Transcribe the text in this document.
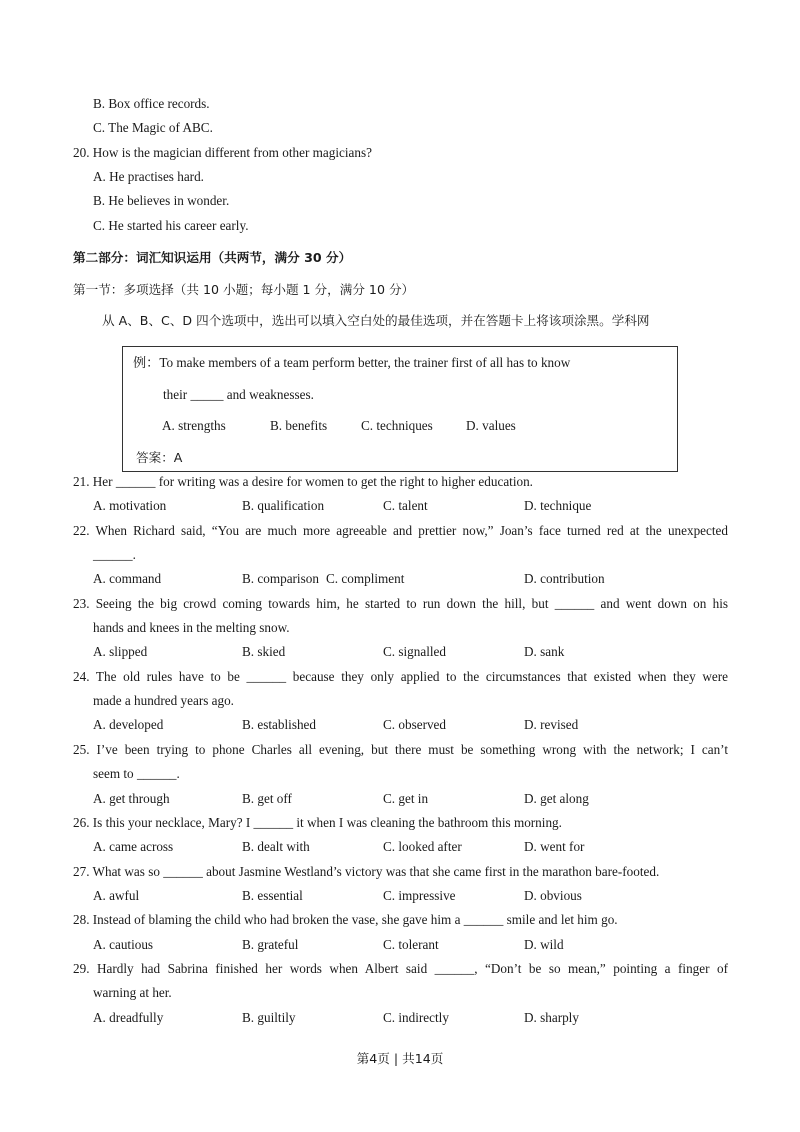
B. Box office records.
C. The Magic of ABC.
20. How is the magician different from other magicians?
A. He practises hard.
B. He believes in wonder.
C. He started his career early.
第二部分：词汇知识运用（共两节，满分 30 分）
第一节：多项选择（共 10 小题；每小题 1 分，满分 10 分）
从 A、B、C、D 四个选项中，选出可以填入空白处的最佳选项，并在答题卡上将该项涂黑。学科网
例：To make members of a team perform better, the trainer first of all has to know
their _____ and weaknesses.
A. strengths	B. benefits	C. techniques	D. values
答案：A
21. Her ______ for writing was a desire for women to get the right to higher education.
A. motivation	B. qualification	C. talent	D. technique
22. When Richard said, “You are much more agreeable and prettier now,” Joan’s face turned red at the unexpected
______.
A. command	B. comparison C. compliment	D. contribution
23. Seeing the big crowd coming towards him, he started to run down the hill, but ______ and went down on his
hands and knees in the melting snow.
A. slipped	B. skied	C. signalled	D. sank
24. The old rules have to be ______ because they only applied to the circumstances that existed when they were
made a hundred years ago.
A. developed	B. established	C. observed	D. revised
25. I’ve been trying to phone Charles all evening, but there must be something wrong with the network; I can’t
seem to ______.
A. get through	B. get off	C. get in	D. get along
26. Is this your necklace, Mary? I ______ it when I was cleaning the bathroom this morning.
A. came across	B. dealt with	C. looked after	D. went for
27. What was so ______ about Jasmine Westland’s victory was that she came first in the marathon bare-footed.
A. awful	B. essential	C. impressive	D. obvious
28. Instead of blaming the child who had broken the vase, she gave him a ______ smile and let him go.
A. cautious	B. grateful	C. tolerant	D. wild
29. Hardly had Sabrina finished her words when Albert said ______, “Don’t be so mean,” pointing a finger of
warning at her.
A. dreadfully	B. guiltily	C. indirectly	D. sharply
第4页 | 共14页
